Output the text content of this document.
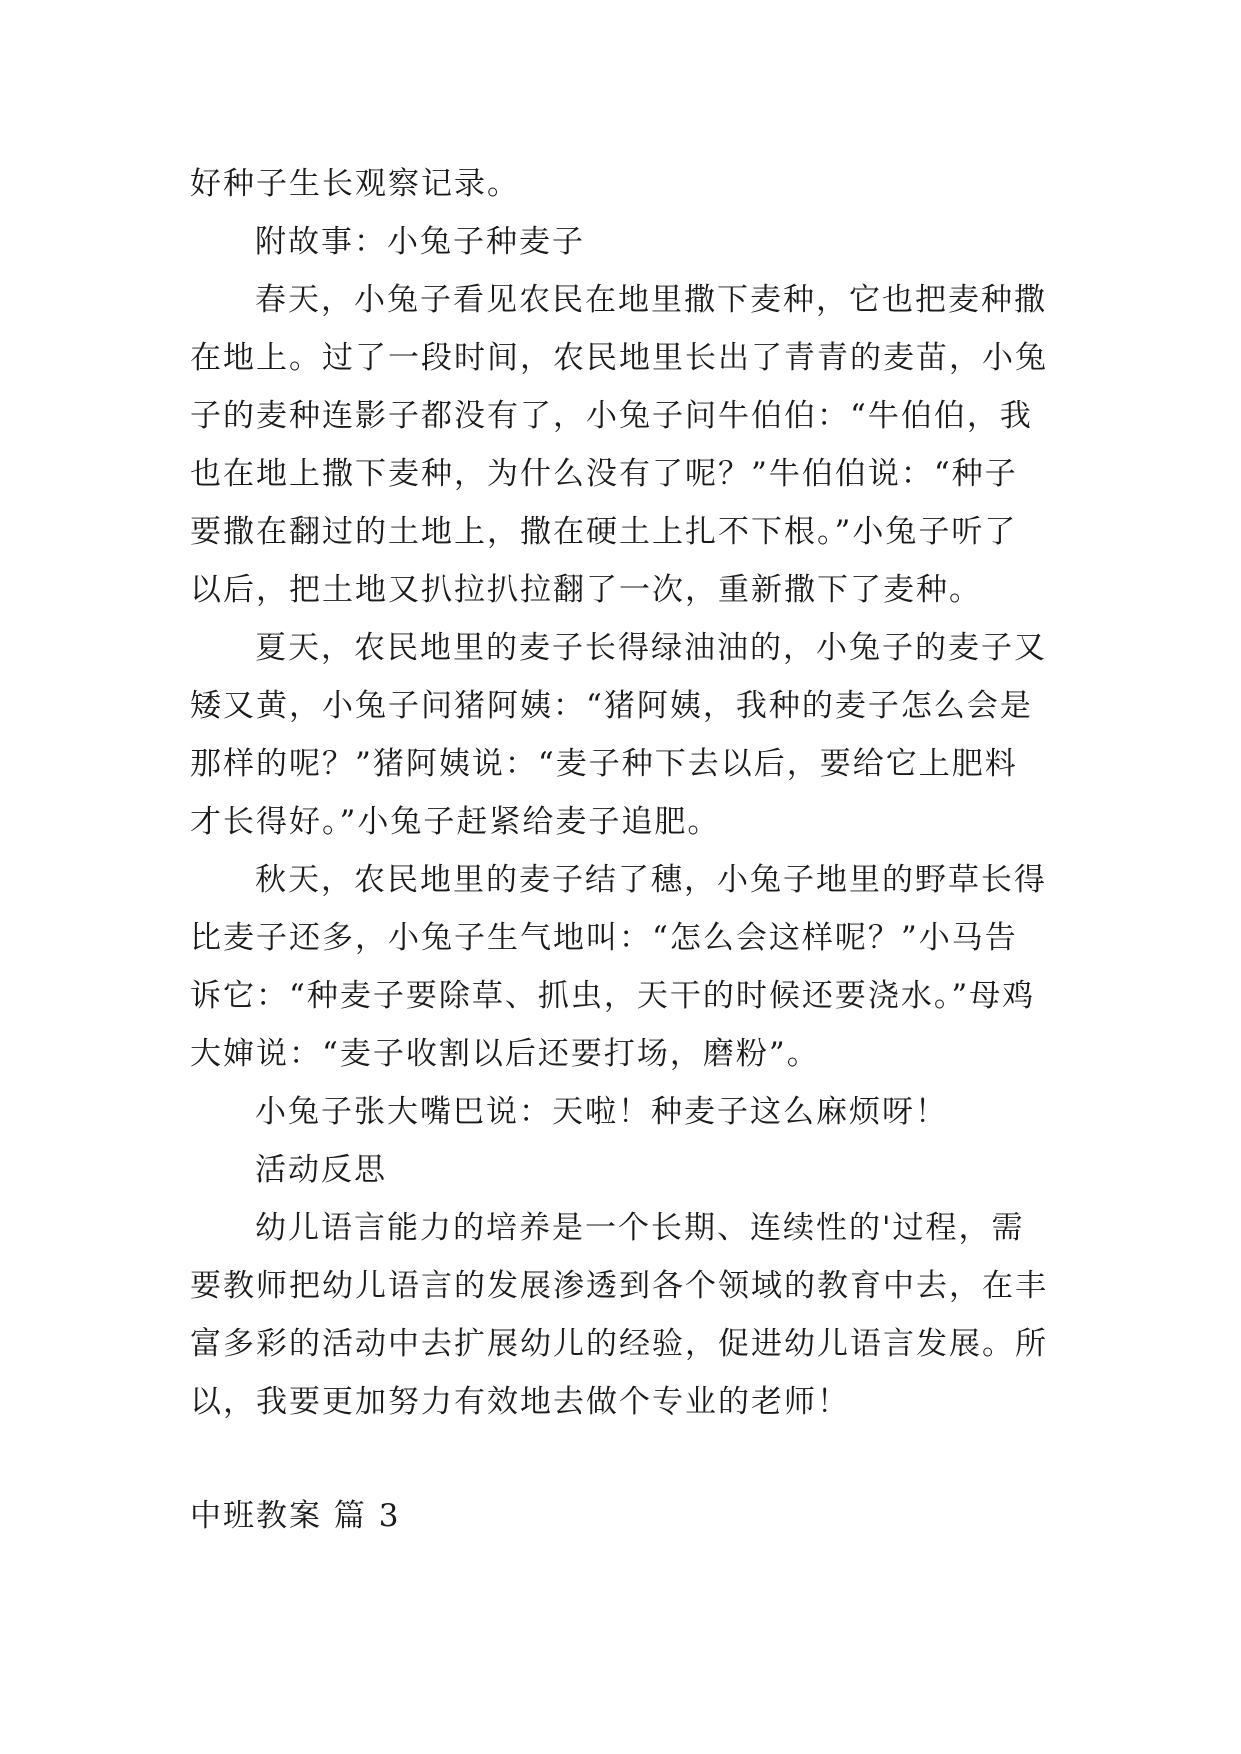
好种子生长观察记录。
附故事：小兔子种麦子
春天，小兔子看见农民在地里撒下麦种，它也把麦种撒
在地上。过了一段时间，农民地里长出了青青的麦苗，小兔
子的麦种连影子都没有了，小兔子问牛伯伯：“牛伯伯，我
也在地上撒下麦种，为什么没有了呢？”牛伯伯说：“种子
要撒在翻过的土地上，撒在硬土上扎不下根。”小兔子听了
以后，把土地又扒拉扒拉翻了一次，重新撒下了麦种。
夏天，农民地里的麦子长得绿油油的，小兔子的麦子又
矮又黄，小兔子问猪阿姨：“猪阿姨，我种的麦子怎么会是
那样的呢？”猪阿姨说：“麦子种下去以后，要给它上肥料
才长得好。”小兔子赶紧给麦子追肥。
秋天，农民地里的麦子结了穗，小兔子地里的野草长得
比麦子还多，小兔子生气地叫：“怎么会这样呢？”小马告
诉它：“种麦子要除草、抓虫，天干的时候还要浇水。”母鸡
大婶说：“麦子收割以后还要打场，磨粉”。
小兔子张大嘴巴说：天啦！种麦子这么麻烦呀！
活动反思
幼儿语言能力的培养是一个长期、连续性的'过程，需
要教师把幼儿语言的发展渗透到各个领域的教育中去，在丰
富多彩的活动中去扩展幼儿的经验，促进幼儿语言发展。所
以，我要更加努力有效地去做个专业的老师！
中班教案 篇 3
